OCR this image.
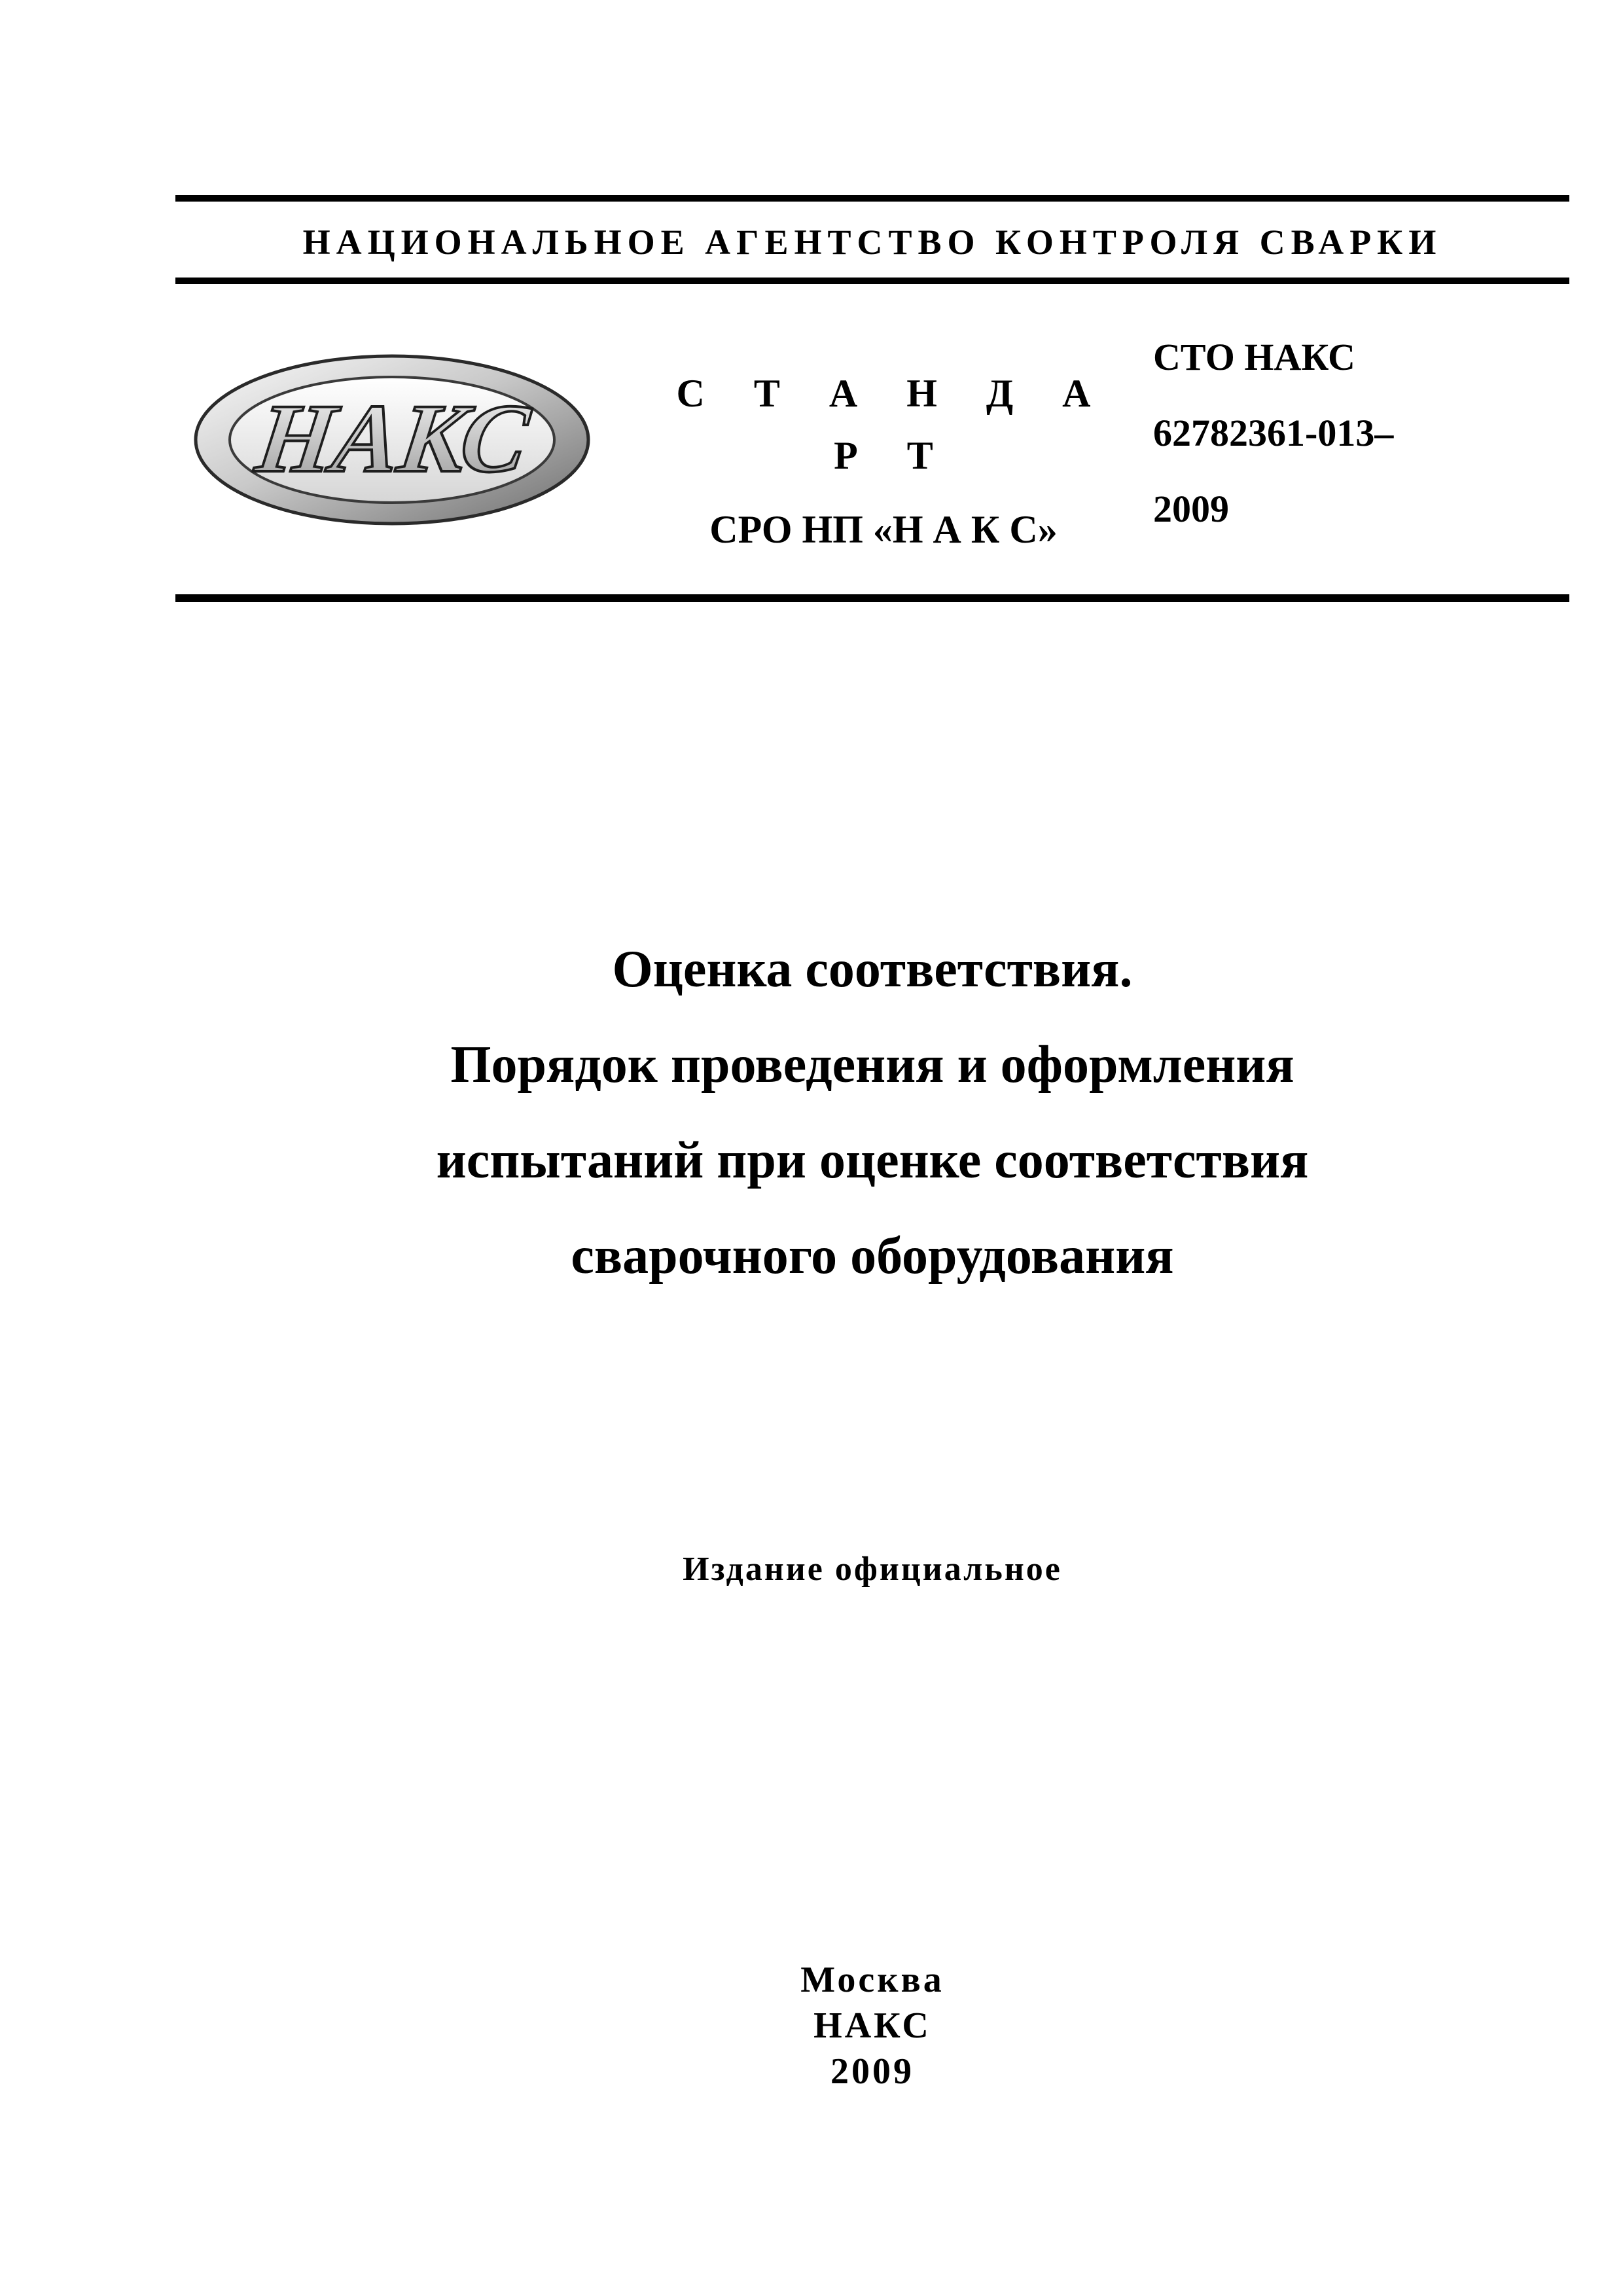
НАЦИОНАЛЬНОЕ АГЕНТСТВО КОНТРОЛЯ СВАРКИ
НАКС	С Т А Н Д А Р Т
СРО НП «Н А К С»
СТО НАКС
62782361-013–
2009
Оценка соответствия.
Порядок проведения и оформления
испытаний при оценке соответствия
сварочного оборудования
Издание официальное
Москва
НАКС
2009
